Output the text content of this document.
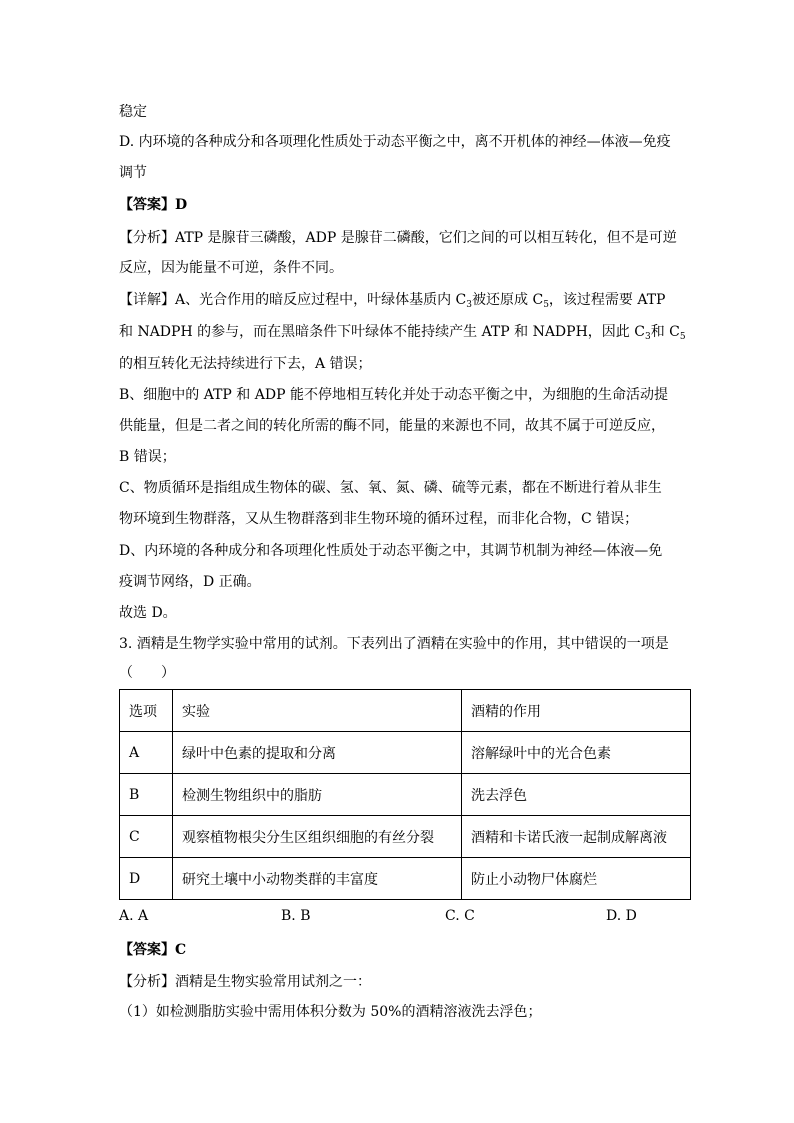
稳定
D. 内环境的各种成分和各项理化性质处于动态平衡之中，离不开机体的神经—体液—免疫
调节
【答案】D
【分析】ATP 是腺苷三磷酸，ADP 是腺苷二磷酸，它们之间的可以相互转化，但不是可逆
反应，因为能量不可逆，条件不同。
【详解】A、光合作用的暗反应过程中，叶绿体基质内 $C_3$被还原成 $C_5$，该过程需要 ATP
和 NADPH 的参与，而在黑暗条件下叶绿体不能持续产生 ATP 和 NADPH，因此 $C_3$和 $C_5$
的相互转化无法持续进行下去，A 错误；
B、细胞中的 ATP 和 ADP 能不停地相互转化并处于动态平衡之中，为细胞的生命活动提
供能量，但是二者之间的转化所需的酶不同，能量的来源也不同，故其不属于可逆反应，
B 错误；
C、物质循环是指组成生物体的碳、氢、氧、氮、磷、硫等元素，都在不断进行着从非生
物环境到生物群落，又从生物群落到非生物环境的循环过程，而非化合物，C 错误；
D、内环境的各种成分和各项理化性质处于动态平衡之中，其调节机制为神经—体液—免
疫调节网络，D 正确。
故选 D。
3. 酒精是生物学实验中常用的试剂。下表列出了酒精在实验中的作用，其中错误的一项是
（　　）
选项	实验	酒精的作用
A	绿叶中色素的提取和分离	溶解绿叶中的光合色素
B	检测生物组织中的脂肪	洗去浮色
C	观察植物根尖分生区组织细胞的有丝分裂	酒精和卡诺氏液一起制成解离液
D	研究土壤中小动物类群的丰富度	防止小动物尸体腐烂
A. A	B. B	C. C	D. D
【答案】C
【分析】酒精是生物实验常用试剂之一：
（1）如检测脂肪实验中需用体积分数为 50%的酒精溶液洗去浮色；
